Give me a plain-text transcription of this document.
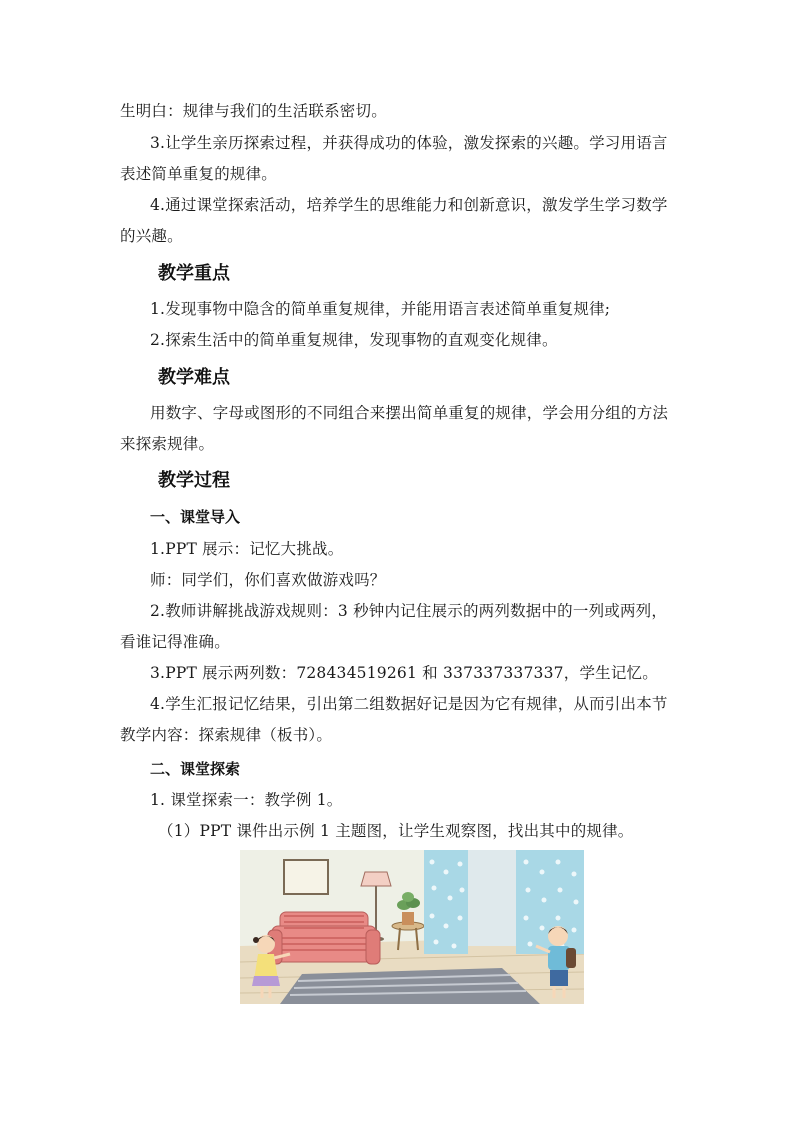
生明白：规律与我们的生活联系密切。
3.让学生亲历探索过程，并获得成功的体验，激发探索的兴趣。学习用语言
表述简单重复的规律。
4.通过课堂探索活动，培养学生的思维能力和创新意识，激发学生学习数学
的兴趣。
教学重点
1.发现事物中隐含的简单重复规律，并能用语言表述简单重复规律;
2.探索生活中的简单重复规律，发现事物的直观变化规律。
教学难点
用数字、字母或图形的不同组合来摆出简单重复的规律，学会用分组的方法
来探索规律。
教学过程
一、课堂导入
1.PPT 展示：记忆大挑战。
师：同学们，你们喜欢做游戏吗？
2.教师讲解挑战游戏规则：3 秒钟内记住展示的两列数据中的一列或两列，
看谁记得准确。
3.PPT 展示两列数：728434519261 和 337337337337，学生记忆。
4.学生汇报记忆结果，引出第二组数据好记是因为它有规律，从而引出本节
教学内容：探索规律（板书）。
二、课堂探索
1. 课堂探索一：教学例 1。
（1）PPT 课件出示例 1 主题图，让学生观察图，找出其中的规律。
